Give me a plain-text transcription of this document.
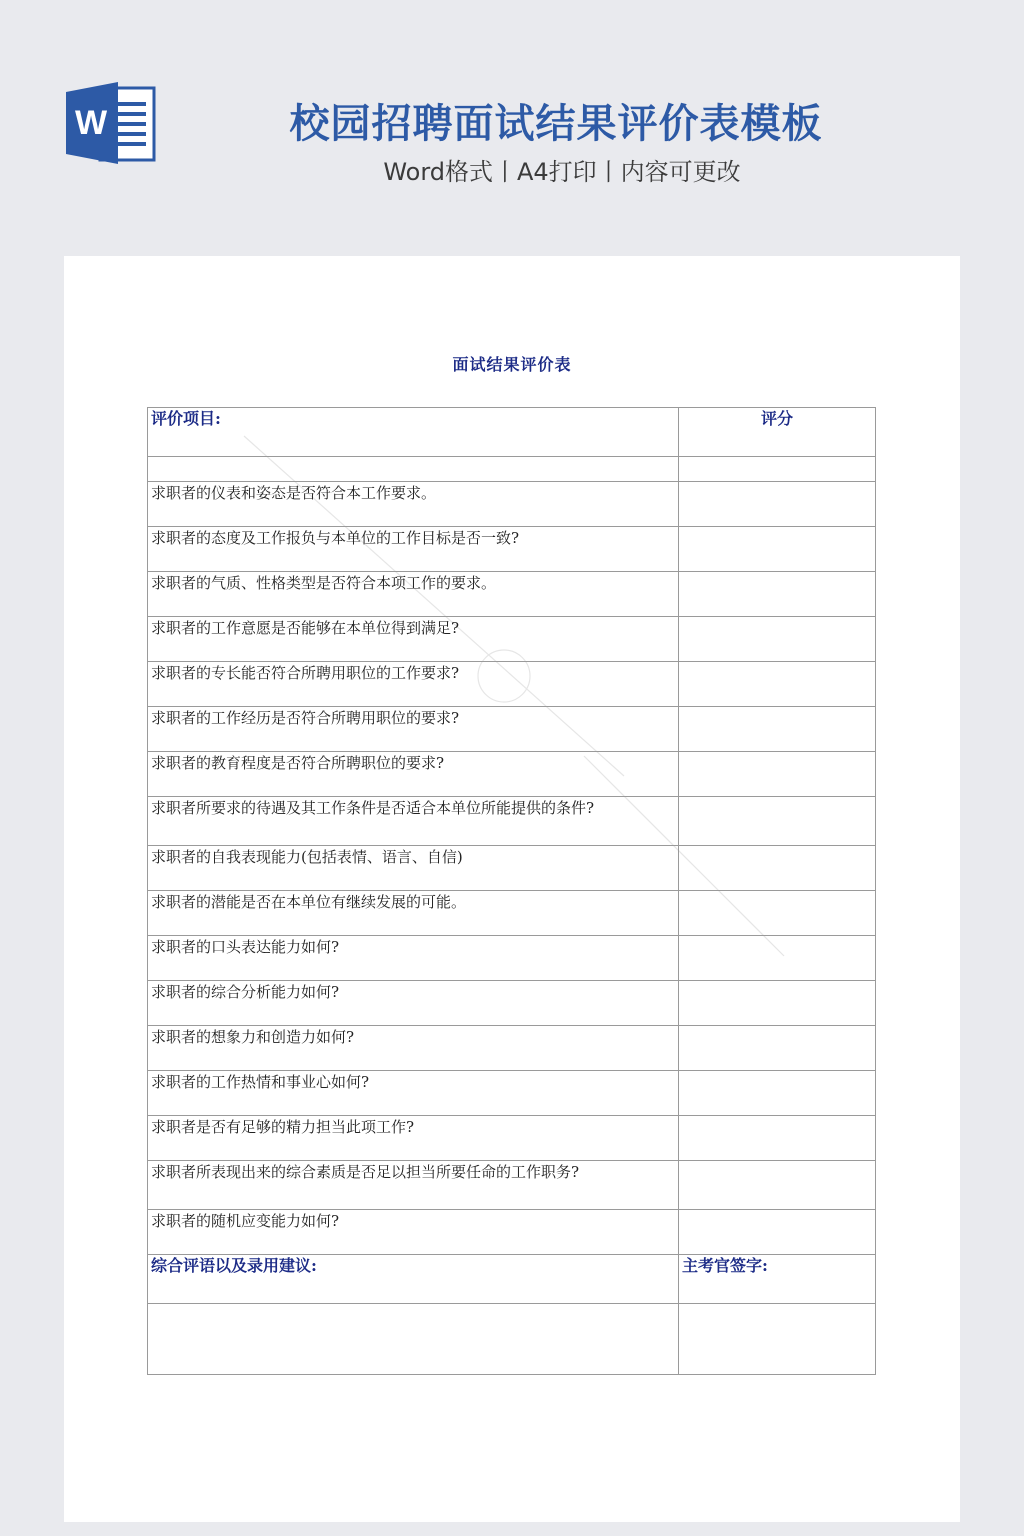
W	校园招聘面试结果评价表模板
Word格式丨A4打印丨内容可更改
面试结果评价表
评价项目:	评分

求职者的仪表和姿态是否符合本工作要求。	
求职者的态度及工作报负与本单位的工作目标是否一致?	
求职者的气质、性格类型是否符合本项工作的要求。	
求职者的工作意愿是否能够在本单位得到满足?	
求职者的专长能否符合所聘用职位的工作要求?	
求职者的工作经历是否符合所聘用职位的要求?	
求职者的教育程度是否符合所聘职位的要求?	
求职者所要求的待遇及其工作条件是否适合本单位所能提供的条件?	
求职者的自我表现能力(包括表情、语言、自信)	
求职者的潜能是否在本单位有继续发展的可能。	
求职者的口头表达能力如何?	
求职者的综合分析能力如何?	
求职者的想象力和创造力如何?	
求职者的工作热情和事业心如何?	
求职者是否有足够的精力担当此项工作?	
求职者所表现出来的综合素质是否足以担当所要任命的工作职务?	
求职者的随机应变能力如何?	
综合评语以及录用建议:	主考官签字:
